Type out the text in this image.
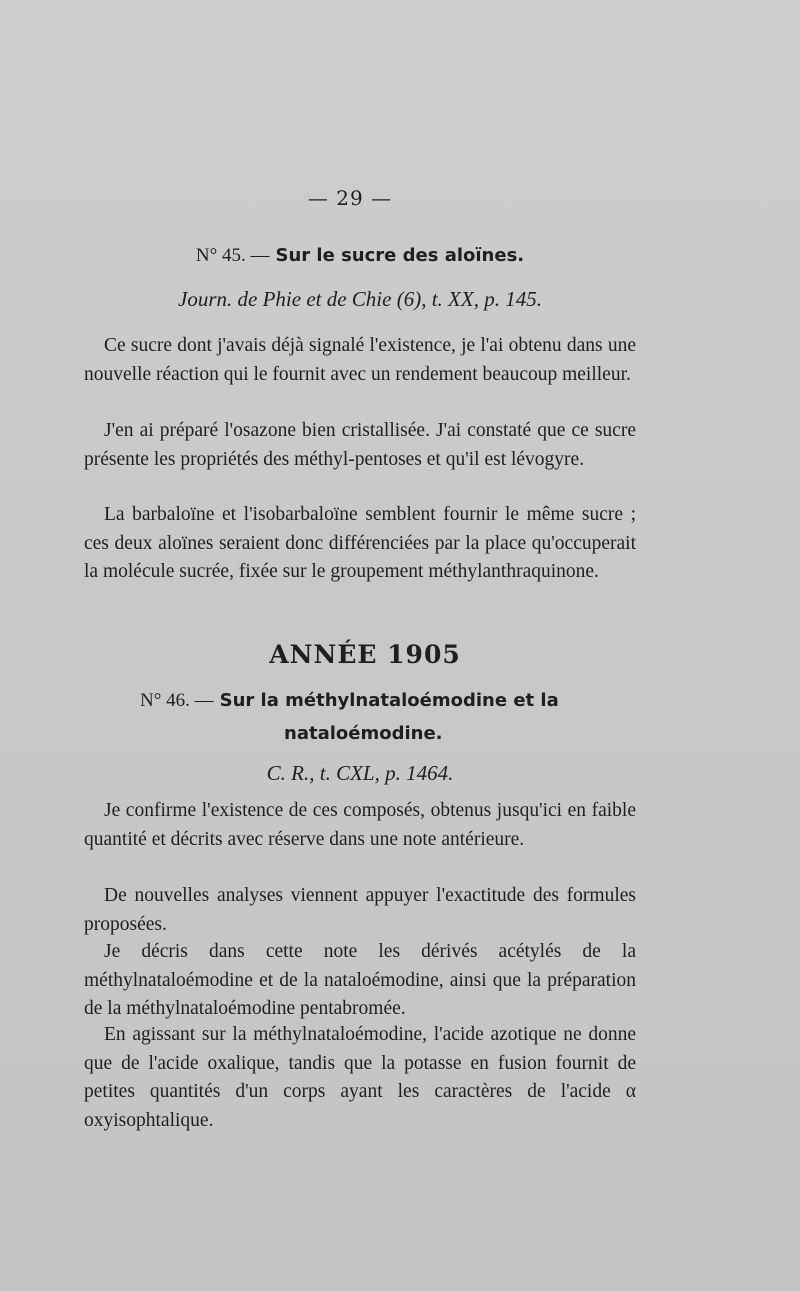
— 29 —
N° 45. — Sur le sucre des aloïnes.
Journ. de Phie et de Chie (6), t. XX, p. 145.
Ce sucre dont j'avais déjà signalé l'existence, je l'ai obtenu dans une nouvelle réaction qui le fournit avec un rendement beaucoup meilleur.
J'en ai préparé l'osazone bien cristallisée. J'ai constaté que ce sucre présente les propriétés des méthyl-pentoses et qu'il est lévogyre.
La barbaloïne et l'isobarbaloïne semblent fournir le même sucre ; ces deux aloïnes seraient donc différenciées par la place qu'occuperait la molécule sucrée, fixée sur le groupement méthylanthraquinone.
ANNÉE 1905
N° 46. — Sur la méthylnataloémodine et la
nataloémodine.
C. R., t. CXL, p. 1464.
Je confirme l'existence de ces composés, obtenus jusqu'ici en faible quantité et décrits avec réserve dans une note antérieure.
De nouvelles analyses viennent appuyer l'exactitude des formules proposées.
Je décris dans cette note les dérivés acétylés de la méthylnataloémodine et de la nataloémodine, ainsi que la préparation de la méthylnataloémodine pentabromée.
En agissant sur la méthylnataloémodine, l'acide azotique ne donne que de l'acide oxalique, tandis que la potasse en fusion fournit de petites quantités d'un corps ayant les caractères de l'acide α oxyisophtalique.
